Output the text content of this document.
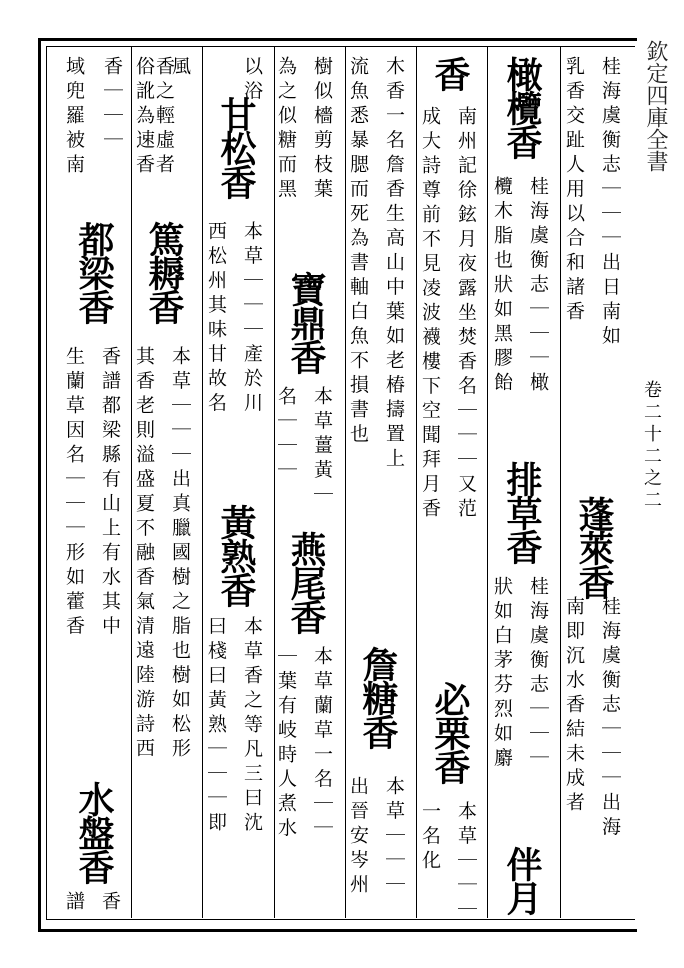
欽定四庫全書
卷二十二之二
桂海虞衡志｜｜｜出日南如
乳香交趾人用以合和諸香
蓬萊香
桂海虞衡志｜｜｜出海
南即沉水香結未成者
橄欖香
桂海虞衡志｜｜｜橄
欖木脂也狀如黑膠飴
排草香
桂海虞衡志｜｜｜
狀如白茅芬烈如麝
伴月
香
南州記徐鉉月夜露坐焚香名｜｜｜又范
成大詩尊前不見凌波襪樓下空聞拜月香
必栗香
本草｜｜｜
一名化
木香一名詹香生高山中葉如老椿擣置上
流魚悉暴腮而死為書軸白魚不損書也
詹糖香
本草｜｜｜
出晉安岑州
樹似檣剪枝葉
為之似糖而黑
寶鼎香
本草薑黃｜
名｜｜｜
燕尾香
本草蘭草一名｜｜
｜葉有岐時人煮水
以浴
甘松香
本草｜｜｜產於川
西松州其味甘故名
黃熟香
本草香之等凡三曰沈
曰棧曰黃熟｜｜｜即
風
香之輕虛者
俗訛為速香
篤耨香
本草｜｜｜出真臘國樹之脂也樹如松形
其香老則溢盛夏不融香氣清遠陸游詩西
香｜｜｜
域兜羅被南
都梁香
香譜都梁縣有山上有水其中
生蘭草因名｜｜｜形如藿香
水盤香
香
譜
